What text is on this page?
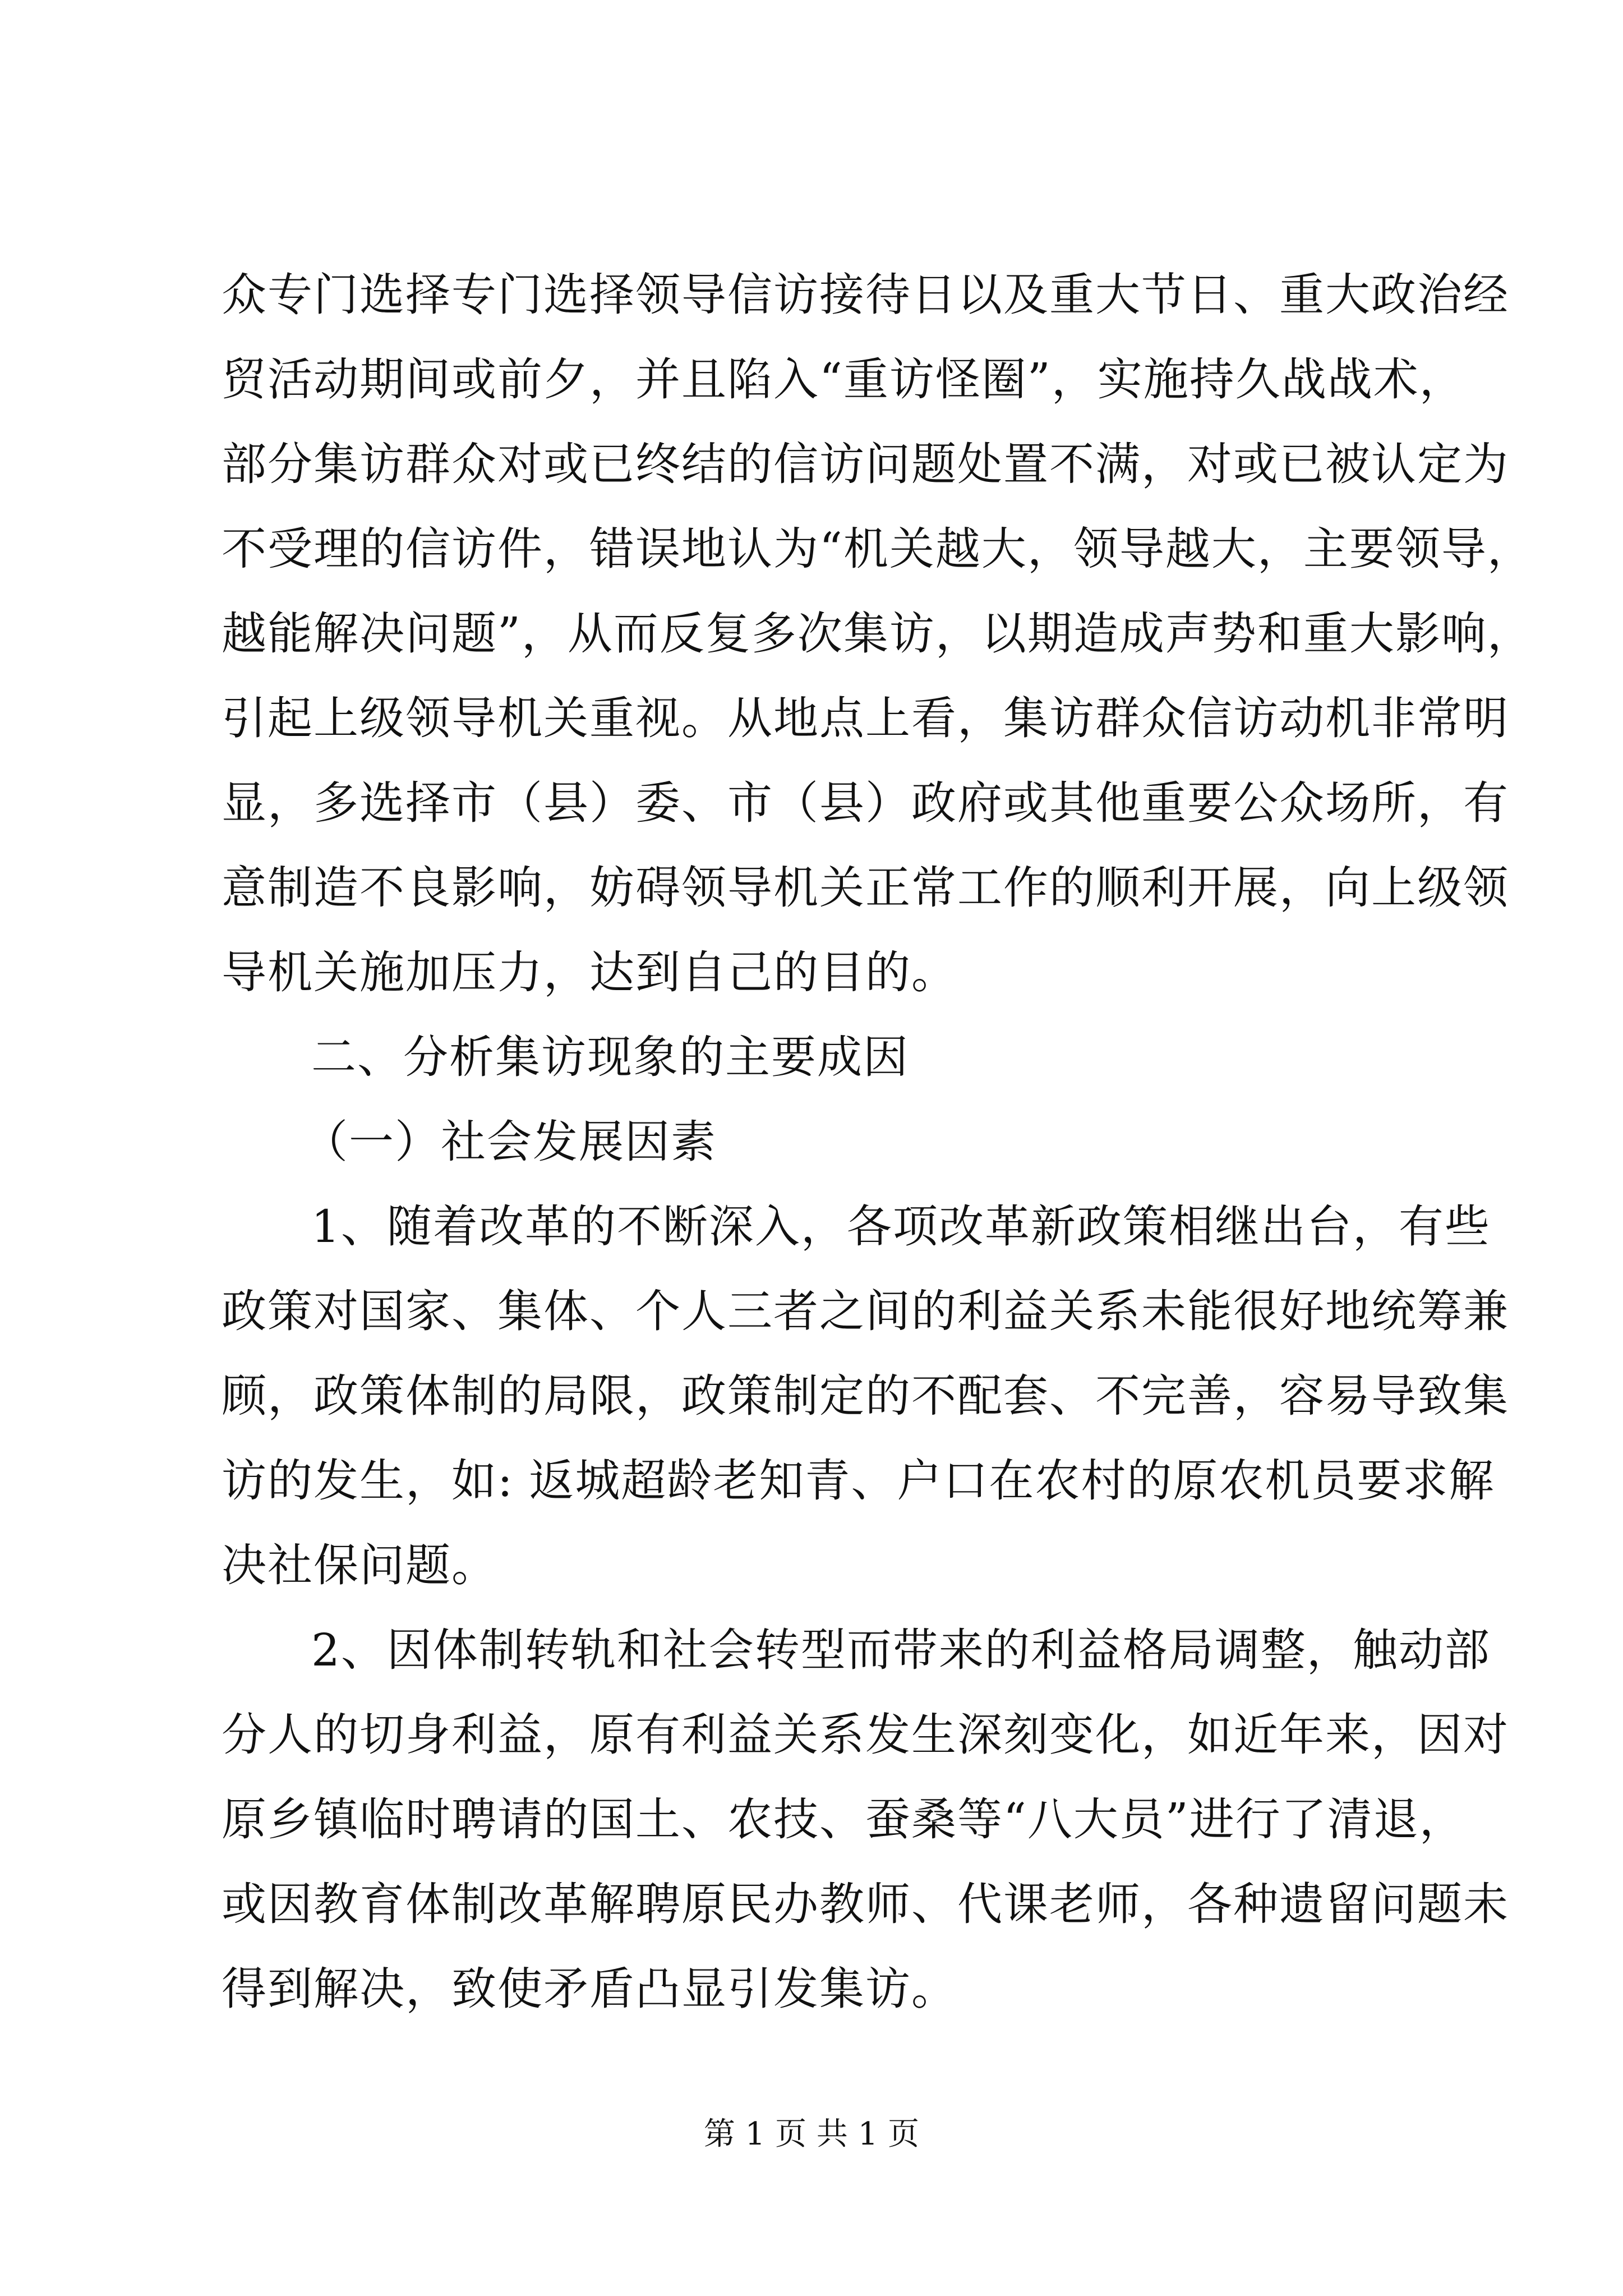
众专门选择专门选择领导信访接待日以及重大节日、重大政治经
贸活动期间或前夕，并且陷入“重访怪圈”，实施持久战战术，
部分集访群众对或已终结的信访问题处置不满，对或已被认定为
不受理的信访件，错误地认为“机关越大，领导越大，主要领导，
越能解决问题”，从而反复多次集访，以期造成声势和重大影响，
引起上级领导机关重视。从地点上看，集访群众信访动机非常明
显，多选择市（县）委、市（县）政府或其他重要公众场所，有
意制造不良影响，妨碍领导机关正常工作的顺利开展，向上级领
导机关施加压力，达到自己的目的。
二、分析集访现象的主要成因
（一）社会发展因素
1、随着改革的不断深入，各项改革新政策相继出台，有些
政策对国家、集体、个人三者之间的利益关系未能很好地统筹兼
顾，政策体制的局限，政策制定的不配套、不完善，容易导致集
访的发生，如: 返城超龄老知青、户口在农村的原农机员要求解
决社保问题。
2、因体制转轨和社会转型而带来的利益格局调整，触动部
分人的切身利益，原有利益关系发生深刻变化，如近年来，因对
原乡镇临时聘请的国土、农技、蚕桑等“八大员”进行了清退，
或因教育体制改革解聘原民办教师、代课老师，各种遗留问题未
得到解决，致使矛盾凸显引发集访。
第 1 页 共 1 页
